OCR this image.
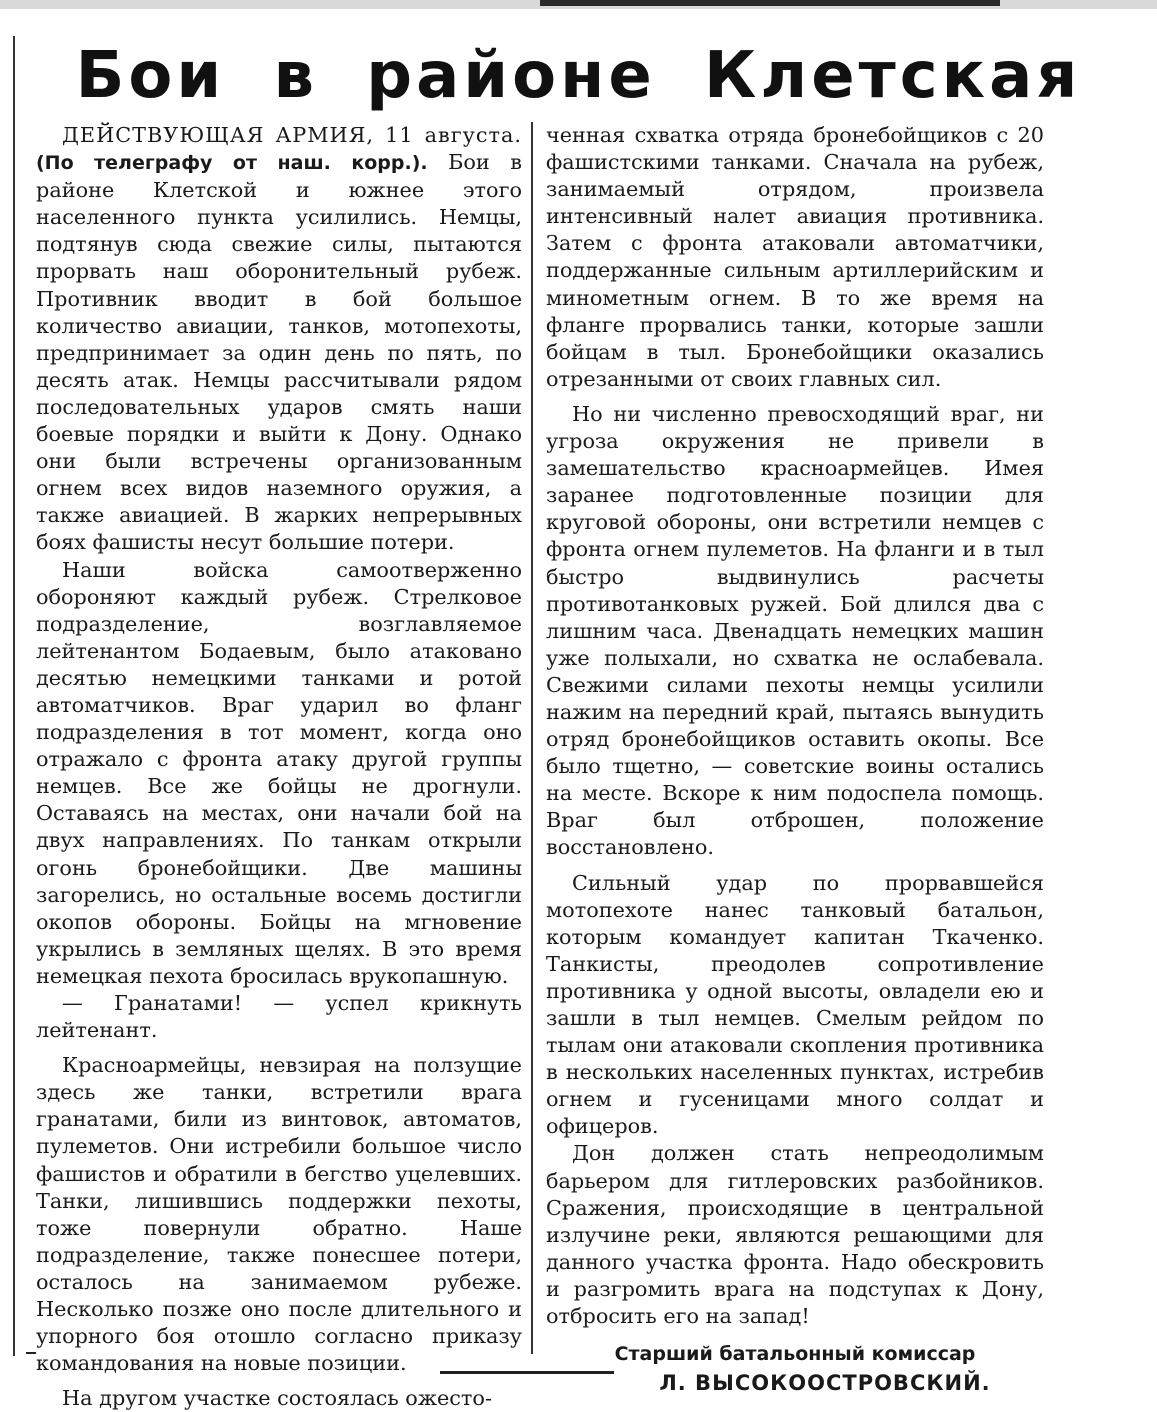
Бои в районе Клетская

ДЕЙСТВУЮЩАЯ АРМИЯ, 11 августа. (По телеграфу от наш. корр.). Бои в районе Клетской и южнее этого населенного пункта усилились. Немцы, подтянув сюда свежие силы, пытаются прорвать наш оборонительный рубеж. Противник вводит в бой большое количество авиации, танков, мотопехоты, предпринимает за один день по пять, по десять атак. Немцы рассчитывали рядом последовательных ударов смять наши боевые порядки и выйти к Дону. Однако они были встречены организованным огнем всех видов наземного оружия, а также авиацией. В жарких непрерывных боях фашисты несут большие потери.

Наши войска самоотверженно обороняют каждый рубеж. Стрелковое подразделение, возглавляемое лейтенантом Бодаевым, было атаковано десятью немецкими танками и ротой автоматчиков. Враг ударил во фланг подразделения в тот момент, когда оно отражало с фронта атаку другой группы немцев. Все же бойцы не дрогнули. Оставаясь на местах, они начали бой на двух направлениях. По танкам открыли огонь бронебойщики. Две машины загорелись, но остальные восемь достигли окопов обороны. Бойцы на мгновение укрылись в земляных щелях. В это время немецкая пехота бросилась врукопашную.

— Гранатами! — успел крикнуть лейтенант.

Красноармейцы, невзирая на ползущие здесь же танки, встретили врага гранатами, били из винтовок, автоматов, пулеметов. Они истребили большое число фашистов и обратили в бегство уцелевших. Танки, лишившись поддержки пехоты, тоже повернули обратно. Наше подразделение, также понесшее потери, осталось на занимаемом рубеже. Несколько позже оно после длительного и упорного боя отошло согласно приказу командования на новые позиции.

На другом участке состоялась ожесто-

ченная схватка отряда бронебойщиков с 20 фашистскими танками. Сначала на рубеж, занимаемый отрядом, произвела интенсивный налет авиация противника. Затем с фронта атаковали автоматчики, поддержанные сильным артиллерийским и минометным огнем. В то же время на фланге прорвались танки, которые зашли бойцам в тыл. Бронебойщики оказались отрезанными от своих главных сил.

Но ни численно превосходящий враг, ни угроза окружения не привели в замешательство красноармейцев. Имея заранее подготовленные позиции для круговой обороны, они встретили немцев с фронта огнем пулеметов. На фланги и в тыл быстро выдвинулись расчеты противотанковых ружей. Бой длился два с лишним часа. Двенадцать немецких машин уже полыхали, но схватка не ослабевала. Свежими силами пехоты немцы усилили нажим на передний край, пытаясь вынудить отряд бронебойщиков оставить окопы. Все было тщетно, — советские воины остались на месте. Вскоре к ним подоспела помощь. Враг был отброшен, положение восстановлено.

Сильный удар по прорвавшейся мотопехоте нанес танковый батальон, которым командует капитан Ткаченко. Танкисты, преодолев сопротивление противника у одной высоты, овладели ею и зашли в тыл немцев. Смелым рейдом по тылам они атаковали скопления противника в нескольких населенных пунктах, истребив огнем и гусеницами много солдат и офицеров.

Дон должен стать непреодолимым барьером для гитлеровских разбойников. Сражения, происходящие в центральной излучине реки, являются решающими для данного участка фронта. Надо обескровить и разгромить врага на подступах к Дону, отбросить его на запад!

Старший батальонный комиссар
Л. ВЫСОКООСТРОВСКИЙ.
